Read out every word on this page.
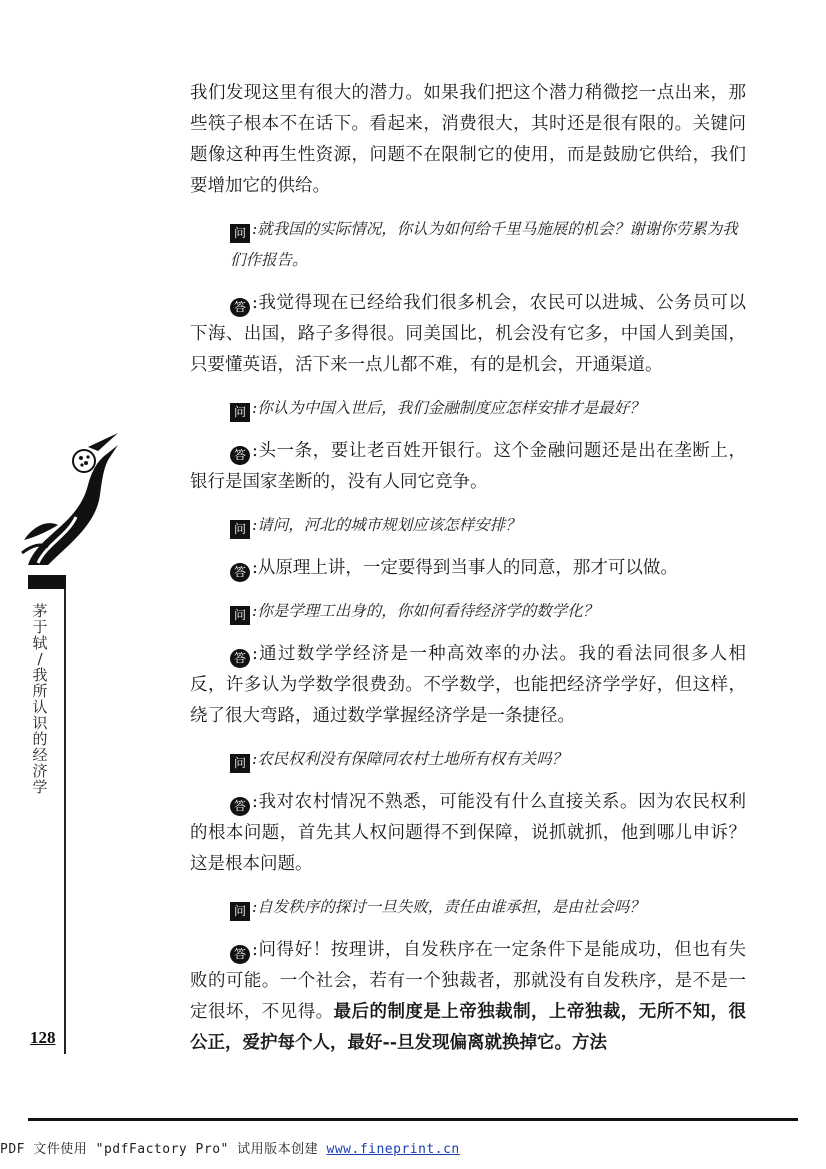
茅
于
轼
/
我
所
认
识
的
经
济
学
128

我们发现这里有很大的潜力。如果我们把这个潜力稍微挖一点出来，那些筷子根本不在话下。看起来，消费很大，其时还是很有限的。关键问题像这种再生性资源，问题不在限制它的使用，而是鼓励它供给，我们要增加它的供给。

问 :就我国的实际情况，你认为如何给千里马施展的机会？谢谢你劳累为我们作报告。

答 :我觉得现在已经给我们很多机会，农民可以进城、公务员可以下海、出国，路子多得很。同美国比，机会没有它多，中国人到美国，只要懂英语，活下来一点儿都不难，有的是机会，开通渠道。

问 :你认为中国入世后，我们金融制度应怎样安排才是最好？

答 :头一条，要让老百姓开银行。这个金融问题还是出在垄断上，银行是国家垄断的，没有人同它竞争。

问 :请问，河北的城市规划应该怎样安排？

答 :从原理上讲，一定要得到当事人的同意，那才可以做。

问 :你是学理工出身的，你如何看待经济学的数学化？

答 :通过数学学经济是一种高效率的办法。我的看法同很多人相反，许多认为学数学很费劲。不学数学，也能把经济学学好，但这样，绕了很大弯路，通过数学掌握经济学是一条捷径。

问 :农民权利没有保障同农村土地所有权有关吗？

答 :我对农村情况不熟悉，可能没有什么直接关系。因为农民权利的根本问题，首先其人权问题得不到保障，说抓就抓，他到哪儿申诉？这是根本问题。

问 :自发秩序的探讨一旦失败，责任由谁承担，是由社会吗？

答 :问得好！按理讲，自发秩序在一定条件下是能成功，但也有失败的可能。一个社会，若有一个独裁者，那就没有自发秩序，是不是一定很坏，不见得。最后的制度是上帝独裁制，上帝独裁，无所不知，很公正，爱护每个人，最好--旦发现偏离就换掉它。方法

PDF 文件使用 "pdfFactory Pro" 试用版本创建 www.fineprint.cn
